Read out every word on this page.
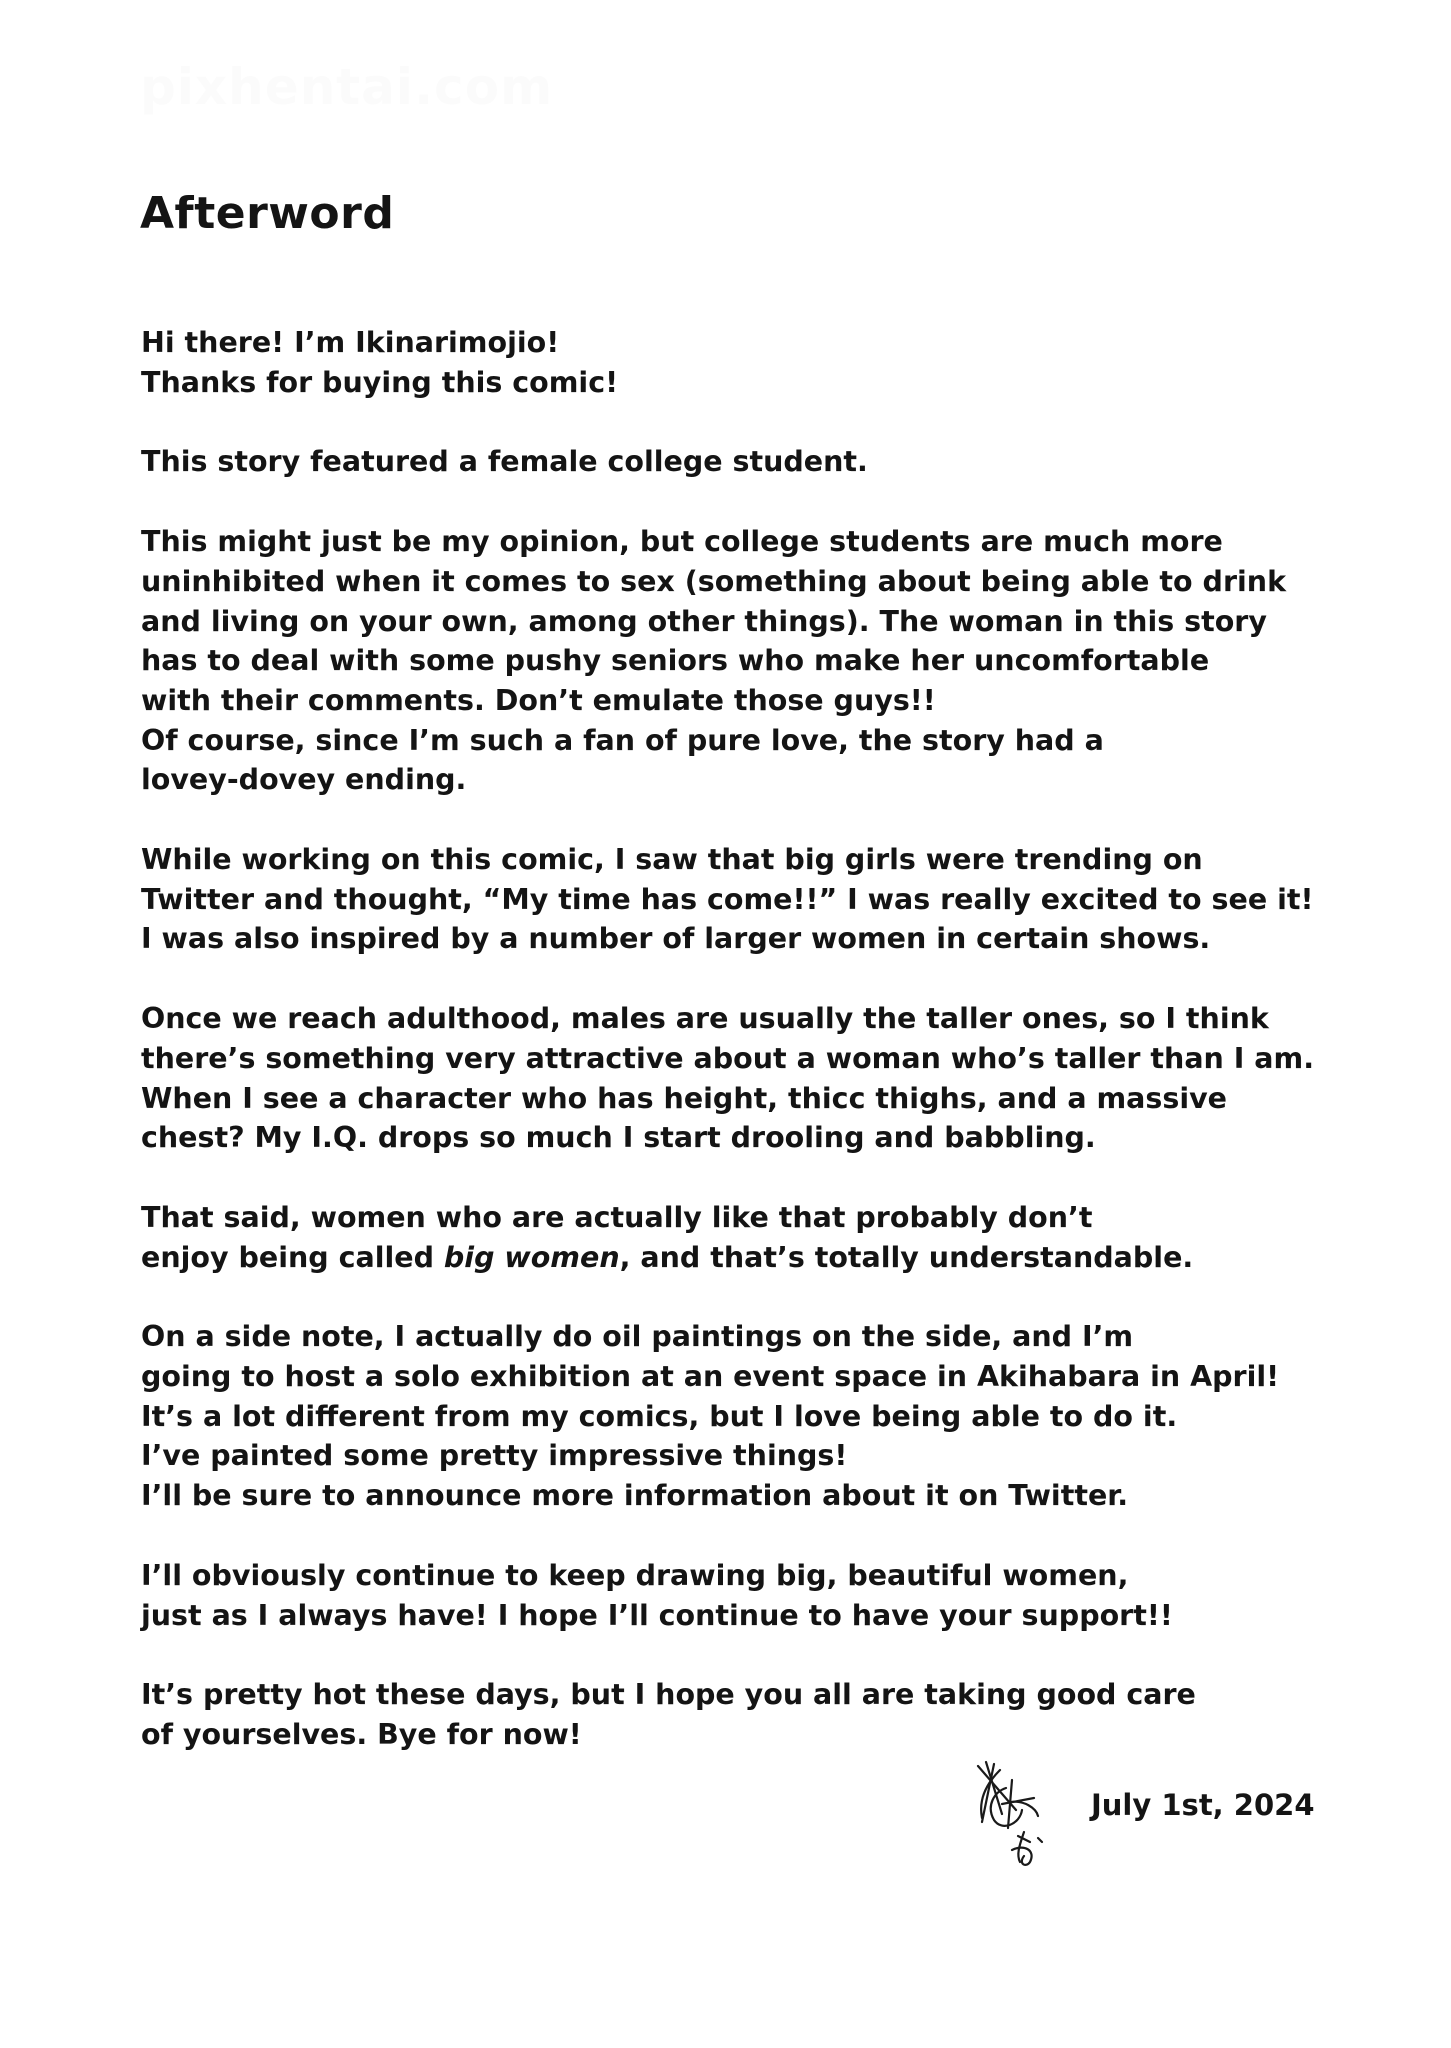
pixhentai.com
Afterword

Hi there! I’m Ikinarimojio!
Thanks for buying this comic!

This story featured a female college student.

This might just be my opinion, but college students are much more
uninhibited when it comes to sex (something about being able to drink
and living on your own, among other things). The woman in this story
has to deal with some pushy seniors who make her uncomfortable
with their comments. Don’t emulate those guys!!
Of course, since I’m such a fan of pure love, the story had a
lovey-dovey ending.

While working on this comic, I saw that big girls were trending on
Twitter and thought, “My time has come!!” I was really excited to see it!
I was also inspired by a number of larger women in certain shows.

Once we reach adulthood, males are usually the taller ones, so I think
there’s something very attractive about a woman who’s taller than I am.
When I see a character who has height, thicc thighs, and a massive
chest? My I.Q. drops so much I start drooling and babbling.

That said, women who are actually like that probably don’t
enjoy being called big women, and that’s totally understandable.

On a side note, I actually do oil paintings on the side, and I’m
going to host a solo exhibition at an event space in Akihabara in April!
It’s a lot different from my comics, but I love being able to do it.
I’ve painted some pretty impressive things!
I’ll be sure to announce more information about it on Twitter.

I’ll obviously continue to keep drawing big, beautiful women,
just as I always have! I hope I’ll continue to have your support!!

It’s pretty hot these days, but I hope you all are taking good care
of yourselves. Bye for now!

July 1st, 2024
